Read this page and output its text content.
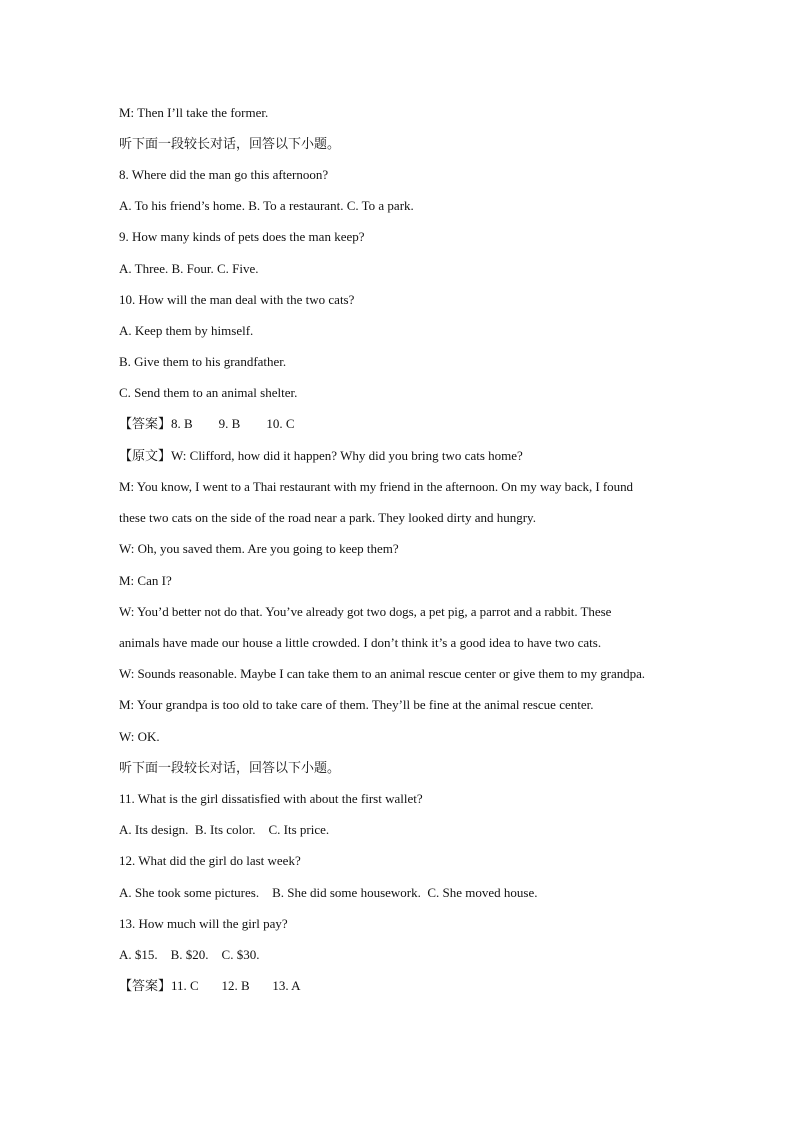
M: Then I’ll take the former.
听下面一段较长对话，回答以下小题。
8. Where did the man go this afternoon?
A. To his friend’s home. B. To a restaurant. C. To a park.
9. How many kinds of pets does the man keep?
A. Three. B. Four. C. Five.
10. How will the man deal with the two cats?
A. Keep them by himself.
B. Give them to his grandfather.
C. Send them to an animal shelter.
【答案】8. B        9. B        10. C
【原文】W: Clifford, how did it happen? Why did you bring two cats home?
M: You know, I went to a Thai restaurant with my friend in the afternoon. On my way back, I found
these two cats on the side of the road near a park. They looked dirty and hungry.
W: Oh, you saved them. Are you going to keep them?
M: Can I?
W: You’d better not do that. You’ve already got two dogs, a pet pig, a parrot and a rabbit. These
animals have made our house a little crowded. I don’t think it’s a good idea to have two cats.
W: Sounds reasonable. Maybe I can take them to an animal rescue center or give them to my grandpa.
M: Your grandpa is too old to take care of them. They’ll be fine at the animal rescue center.
W: OK.
听下面一段较长对话，回答以下小题。
11. What is the girl dissatisfied with about the first wallet?
A. Its design.  B. Its color.    C. Its price.
12. What did the girl do last week?
A. She took some pictures.    B. She did some housework.  C. She moved house.
13. How much will the girl pay?
A. $15.    B. $20.    C. $30.
【答案】11. C       12. B       13. A
